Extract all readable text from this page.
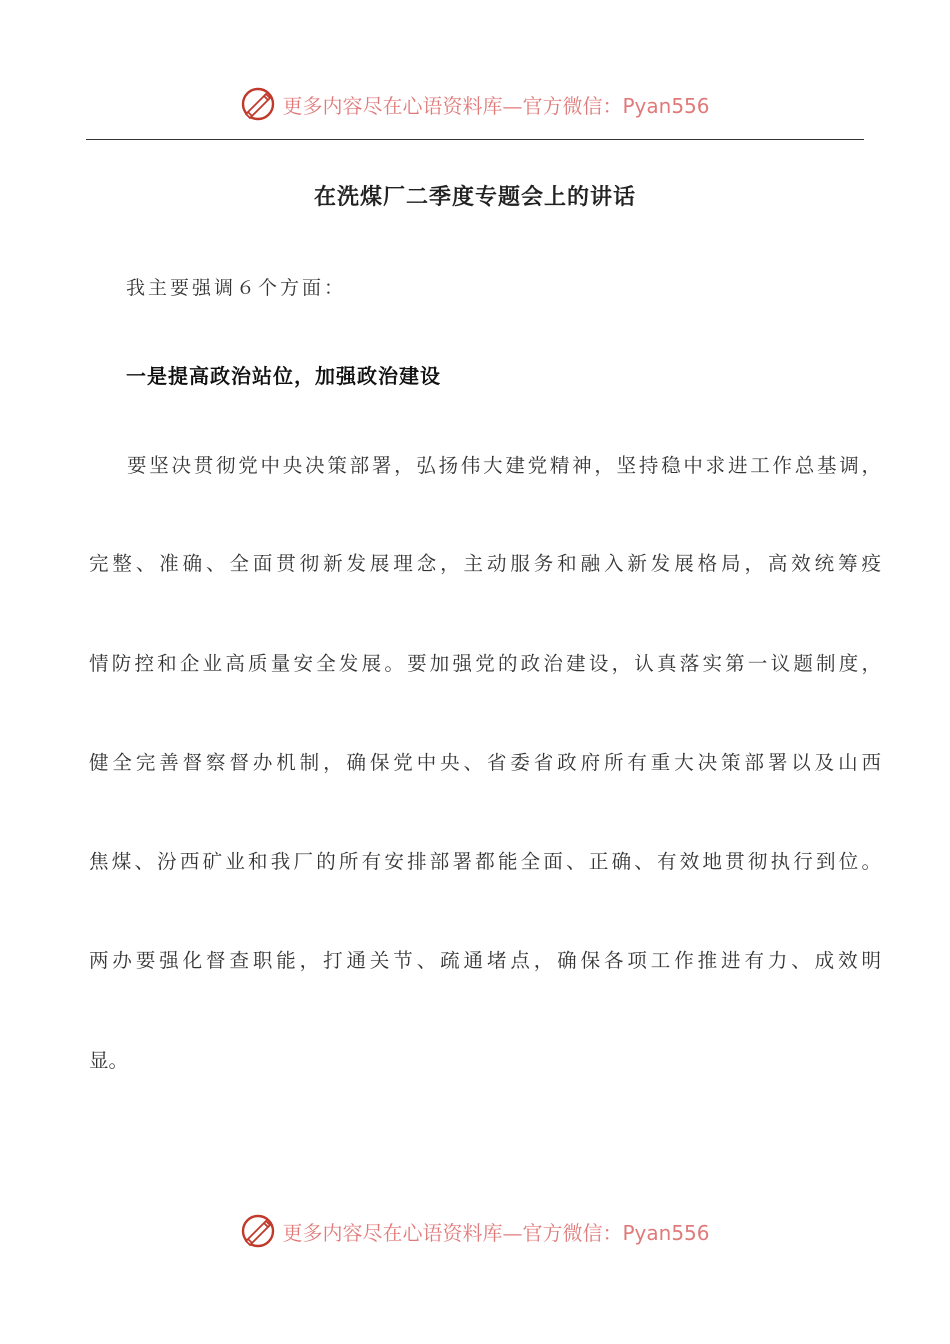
更多内容尽在心语资料库—官方微信：Pyan556
在洗煤厂二季度专题会上的讲话
我主要强调６个方面：
一是提高政治站位，加强政治建设
要坚决贯彻党中央决策部署，弘扬伟大建党精神，坚持稳中求进工作总基调，
完整、准确、全面贯彻新发展理念，主动服务和融入新发展格局，高效统筹疫
情防控和企业高质量安全发展。要加强党的政治建设，认真落实第一议题制度，
健全完善督察督办机制，确保党中央、省委省政府所有重大决策部署以及山西
焦煤、汾西矿业和我厂的所有安排部署都能全面、正确、有效地贯彻执行到位。
两办要强化督查职能，打通关节、疏通堵点，确保各项工作推进有力、成效明
显。
更多内容尽在心语资料库—官方微信：Pyan556
